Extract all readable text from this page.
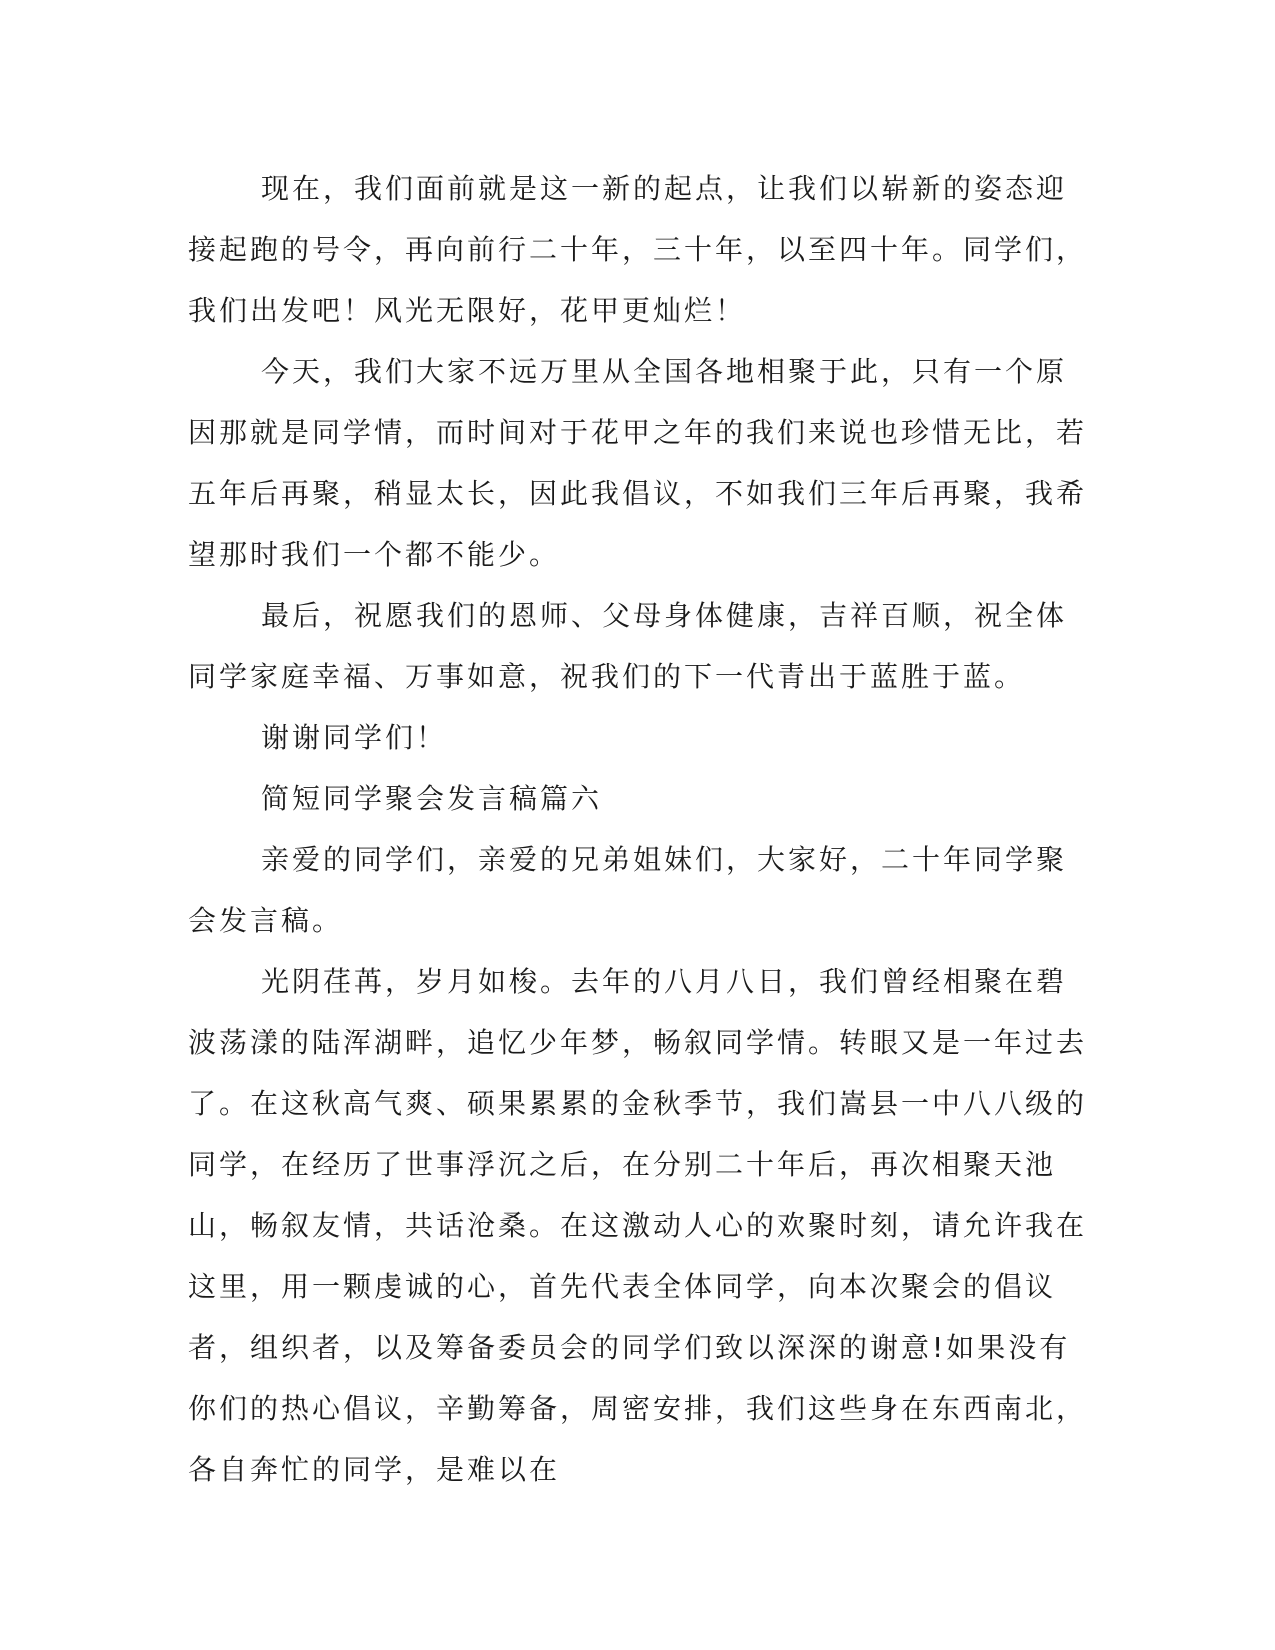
现在，我们面前就是这一新的起点，让我们以崭新的姿态迎接起跑的号令，再向前行二十年，三十年，以至四十年。同学们，我们出发吧！风光无限好，花甲更灿烂！

今天，我们大家不远万里从全国各地相聚于此，只有一个原因那就是同学情，而时间对于花甲之年的我们来说也珍惜无比，若五年后再聚，稍显太长，因此我倡议，不如我们三年后再聚，我希望那时我们一个都不能少。

最后，祝愿我们的恩师、父母身体健康，吉祥百顺，祝全体同学家庭幸福、万事如意，祝我们的下一代青出于蓝胜于蓝。

谢谢同学们！

简短同学聚会发言稿篇六

亲爱的同学们，亲爱的兄弟姐妹们，大家好，二十年同学聚会发言稿。

光阴荏苒，岁月如梭。去年的八月八日，我们曾经相聚在碧波荡漾的陆浑湖畔，追忆少年梦，畅叙同学情。转眼又是一年过去了。在这秋高气爽、硕果累累的金秋季节，我们嵩县一中八八级的同学，在经历了世事浮沉之后，在分别二十年后，再次相聚天池山，畅叙友情，共话沧桑。在这激动人心的欢聚时刻，请允许我在这里，用一颗虔诚的心，首先代表全体同学，向本次聚会的倡议者，组织者，以及筹备委员会的同学们致以深深的谢意!如果没有你们的热心倡议，辛勤筹备，周密安排，我们这些身在东西南北，各自奔忙的同学，是难以在
